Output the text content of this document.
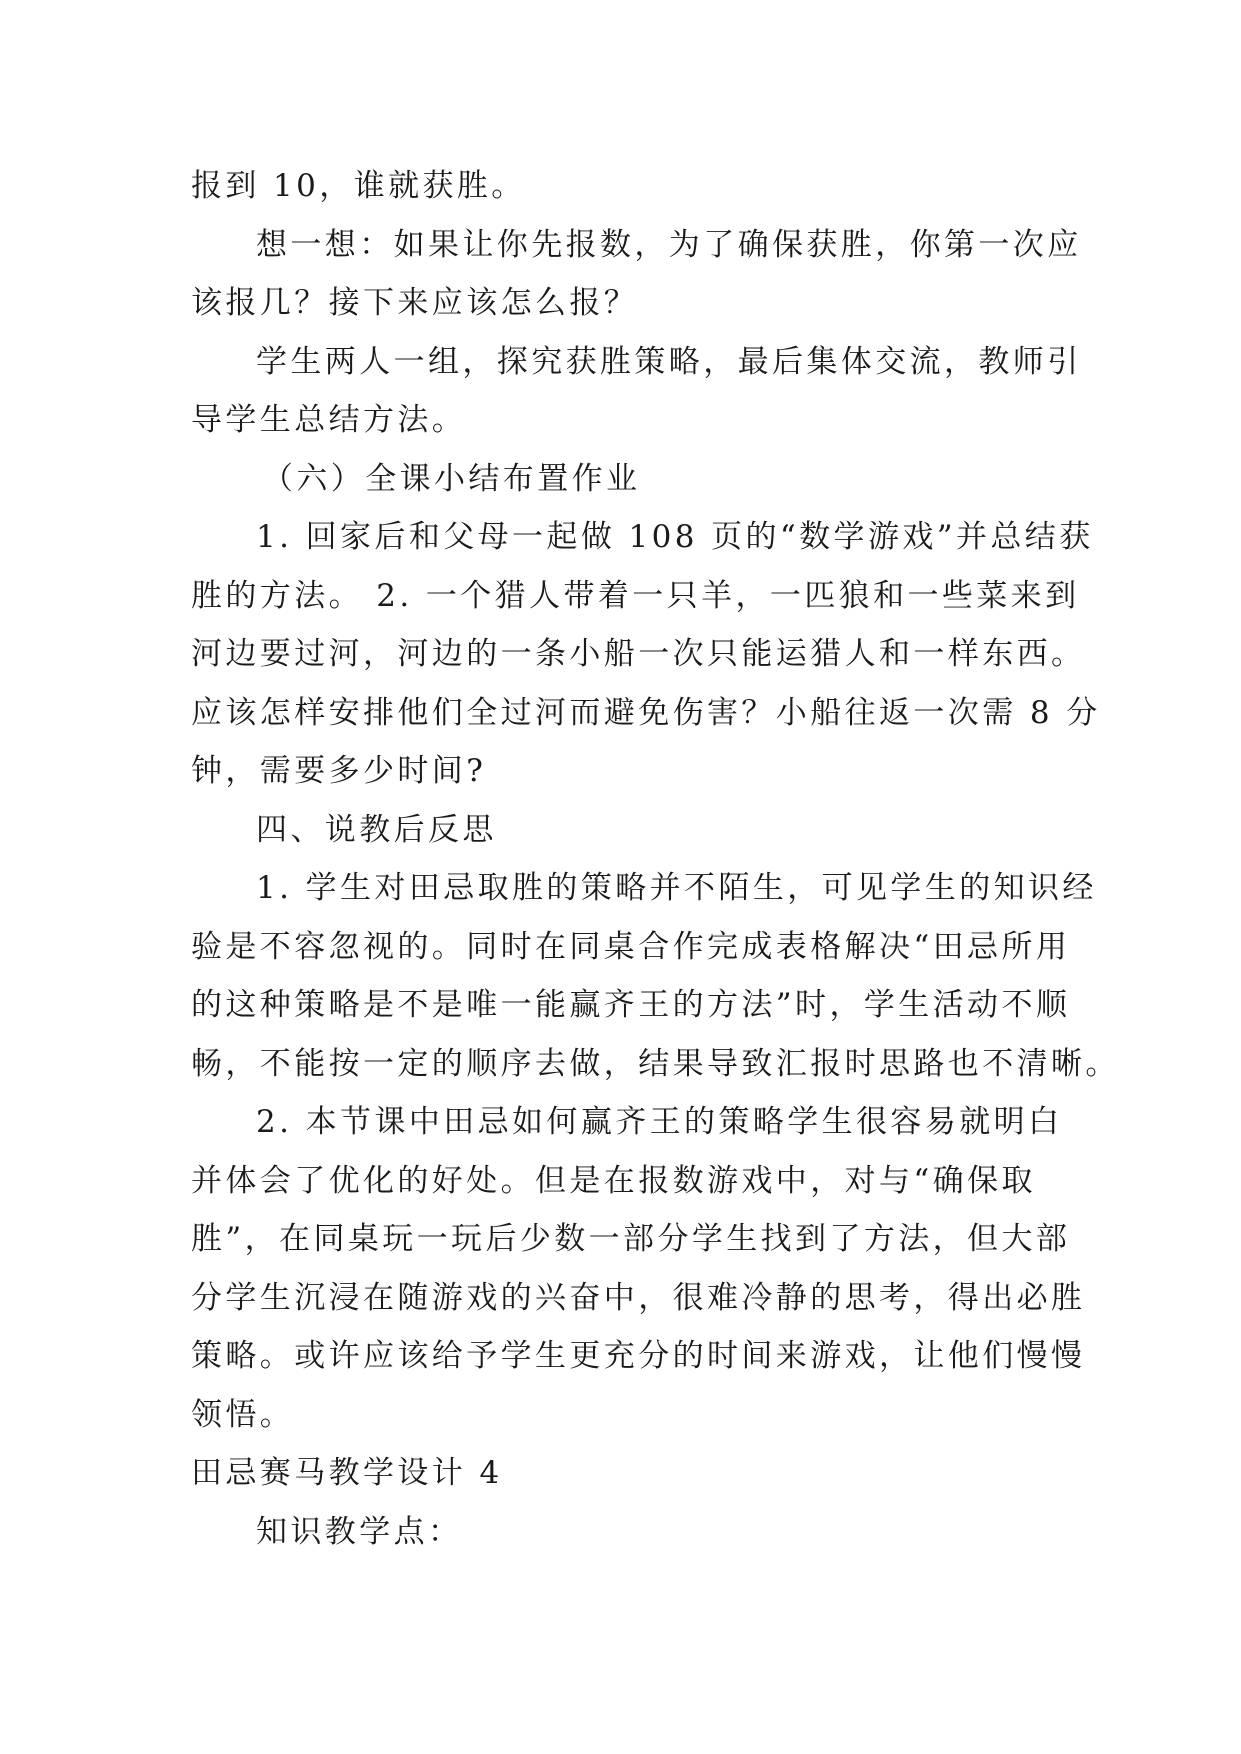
报到 10，谁就获胜。
想一想：如果让你先报数，为了确保获胜，你第一次应
该报几？接下来应该怎么报？
学生两人一组，探究获胜策略，最后集体交流，教师引
导学生总结方法。
（六）全课小结布置作业
1. 回家后和父母一起做 108 页的“数学游戏”并总结获
胜的方法。 2. 一个猎人带着一只羊，一匹狼和一些菜来到
河边要过河，河边的一条小船一次只能运猎人和一样东西。
应该怎样安排他们全过河而避免伤害？小船往返一次需 8 分
钟，需要多少时间?
四、说教后反思
1. 学生对田忌取胜的策略并不陌生，可见学生的知识经
验是不容忽视的。同时在同桌合作完成表格解决“田忌所用
的这种策略是不是唯一能赢齐王的方法”时，学生活动不顺
畅，不能按一定的顺序去做，结果导致汇报时思路也不清晰。
2. 本节课中田忌如何赢齐王的策略学生很容易就明白
并体会了优化的好处。但是在报数游戏中，对与“确保取
胜”，在同桌玩一玩后少数一部分学生找到了方法，但大部
分学生沉浸在随游戏的兴奋中，很难冷静的思考，得出必胜
策略。或许应该给予学生更充分的时间来游戏，让他们慢慢
领悟。
田忌赛马教学设计 4
知识教学点：
